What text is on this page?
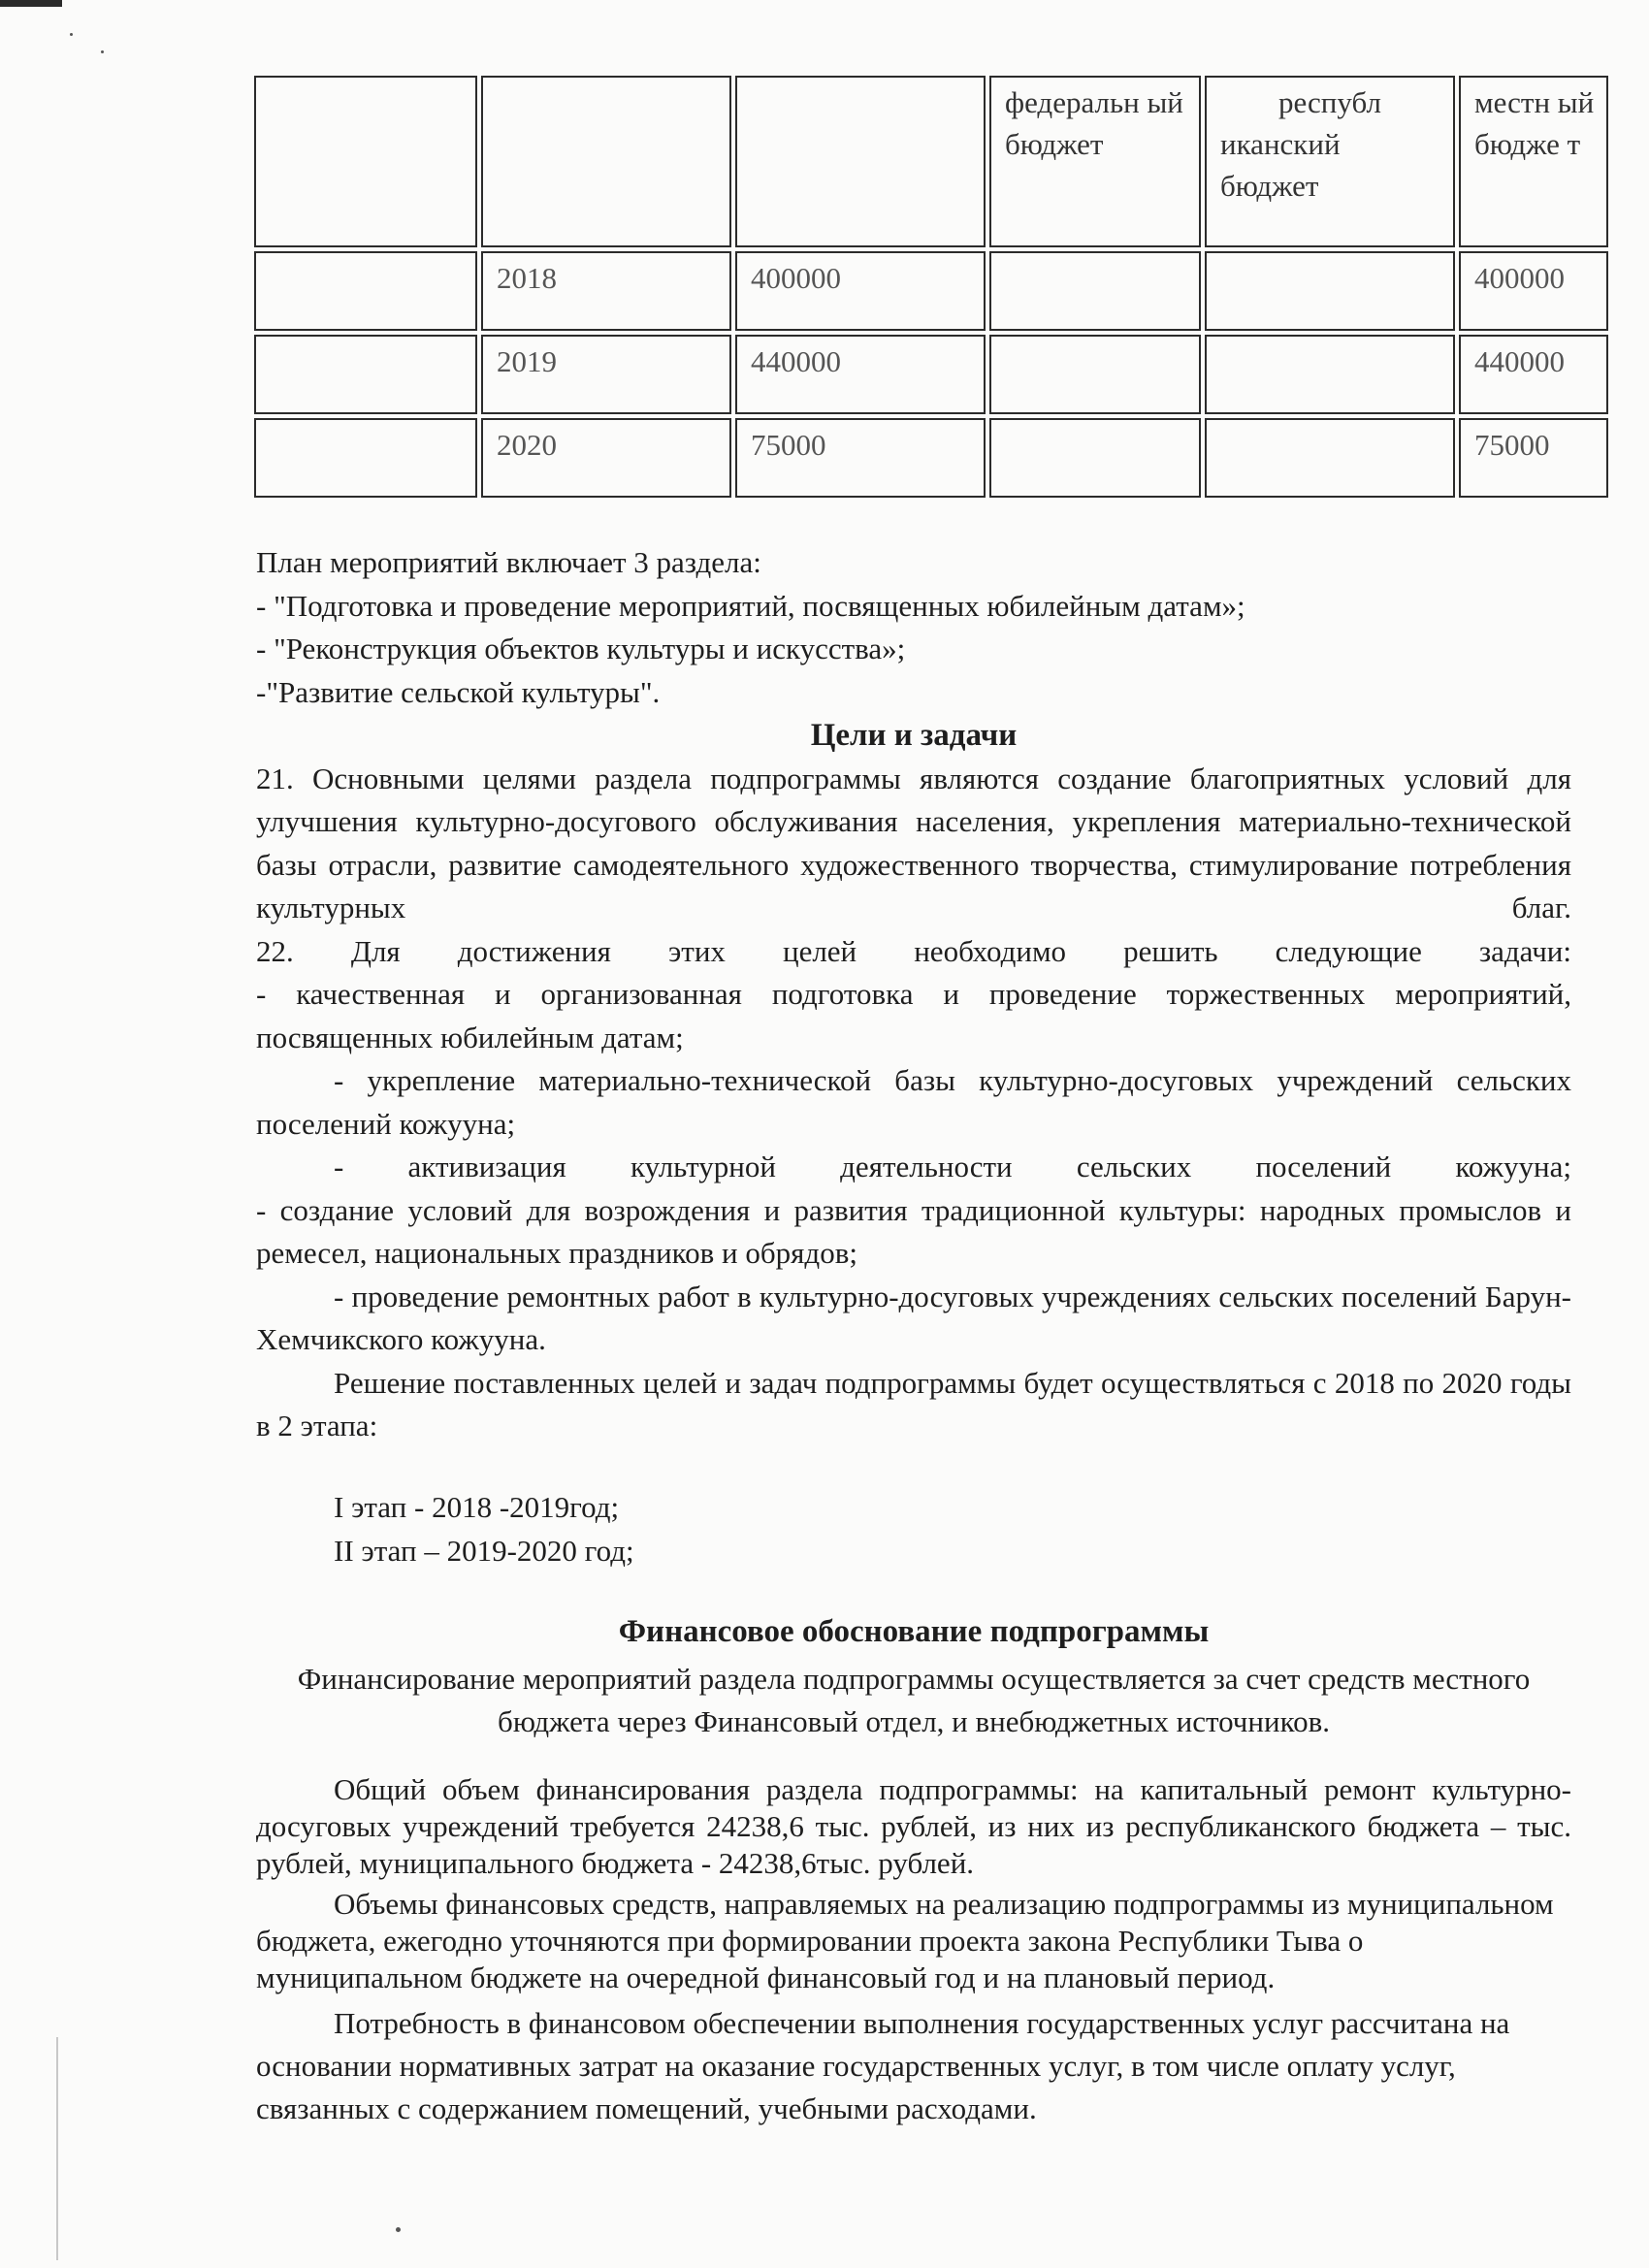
			федеральн ый бюджет	республ иканский бюджет	местн ый бюдже т
	2018	400000			400000
	2019	440000			440000
	2020	75000			75000

План мероприятий включает 3 раздела:

- "Подготовка и проведение мероприятий, посвященных юбилейным датам»;

- "Реконструкция объектов культуры и искусства»;

-"Развитие сельской культуры".

Цели и задачи

21. Основными целями раздела подпрограммы являются создание благоприятных условий для улучшения культурно-досугового обслуживания населения, укрепления материально-технической базы отрасли, развитие самодеятельного художественного творчества, стимулирование потребления культурных благ.

22. Для достижения этих целей необходимо решить следующие задачи:

- качественная и организованная подготовка и проведение торжественных мероприятий, посвященных юбилейным датам;

- укрепление материально-технической базы культурно-досуговых учреждений сельских поселений кожууна;

- активизация культурной деятельности сельских поселений кожууна;

- создание условий для возрождения и развития традиционной культуры: народных промыслов и ремесел, национальных праздников и обрядов;

- проведение ремонтных работ в культурно-досуговых учреждениях сельских поселений Барун-Хемчикского кожууна.

Решение поставленных целей и задач подпрограммы будет осуществляться с 2018 по 2020 годы в 2 этапа:

I этап - 2018 -2019год;

II этап – 2019-2020 год;

Финансовое обоснование подпрограммы

Финансирование мероприятий раздела подпрограммы осуществляется за счет средств местного бюджета через Финансовый отдел, и внебюджетных источников.

Общий объем финансирования раздела подпрограммы: на капитальный ремонт культурно-досуговых учреждений требуется 24238,6 тыс. рублей, из них из республиканского бюджета – тыс. рублей, муниципального бюджета - 24238,6тыс. рублей.

Объемы финансовых средств, направляемых на реализацию подпрограммы из муниципальном бюджета, ежегодно уточняются при формировании проекта закона Республики Тыва о муниципальном бюджете на очередной финансовый год и на плановый период.

Потребность в финансовом обеспечении выполнения государственных услуг рассчитана на основании нормативных затрат на оказание государственных услуг, в том числе оплату услуг, связанных с содержанием помещений, учебными расходами.
